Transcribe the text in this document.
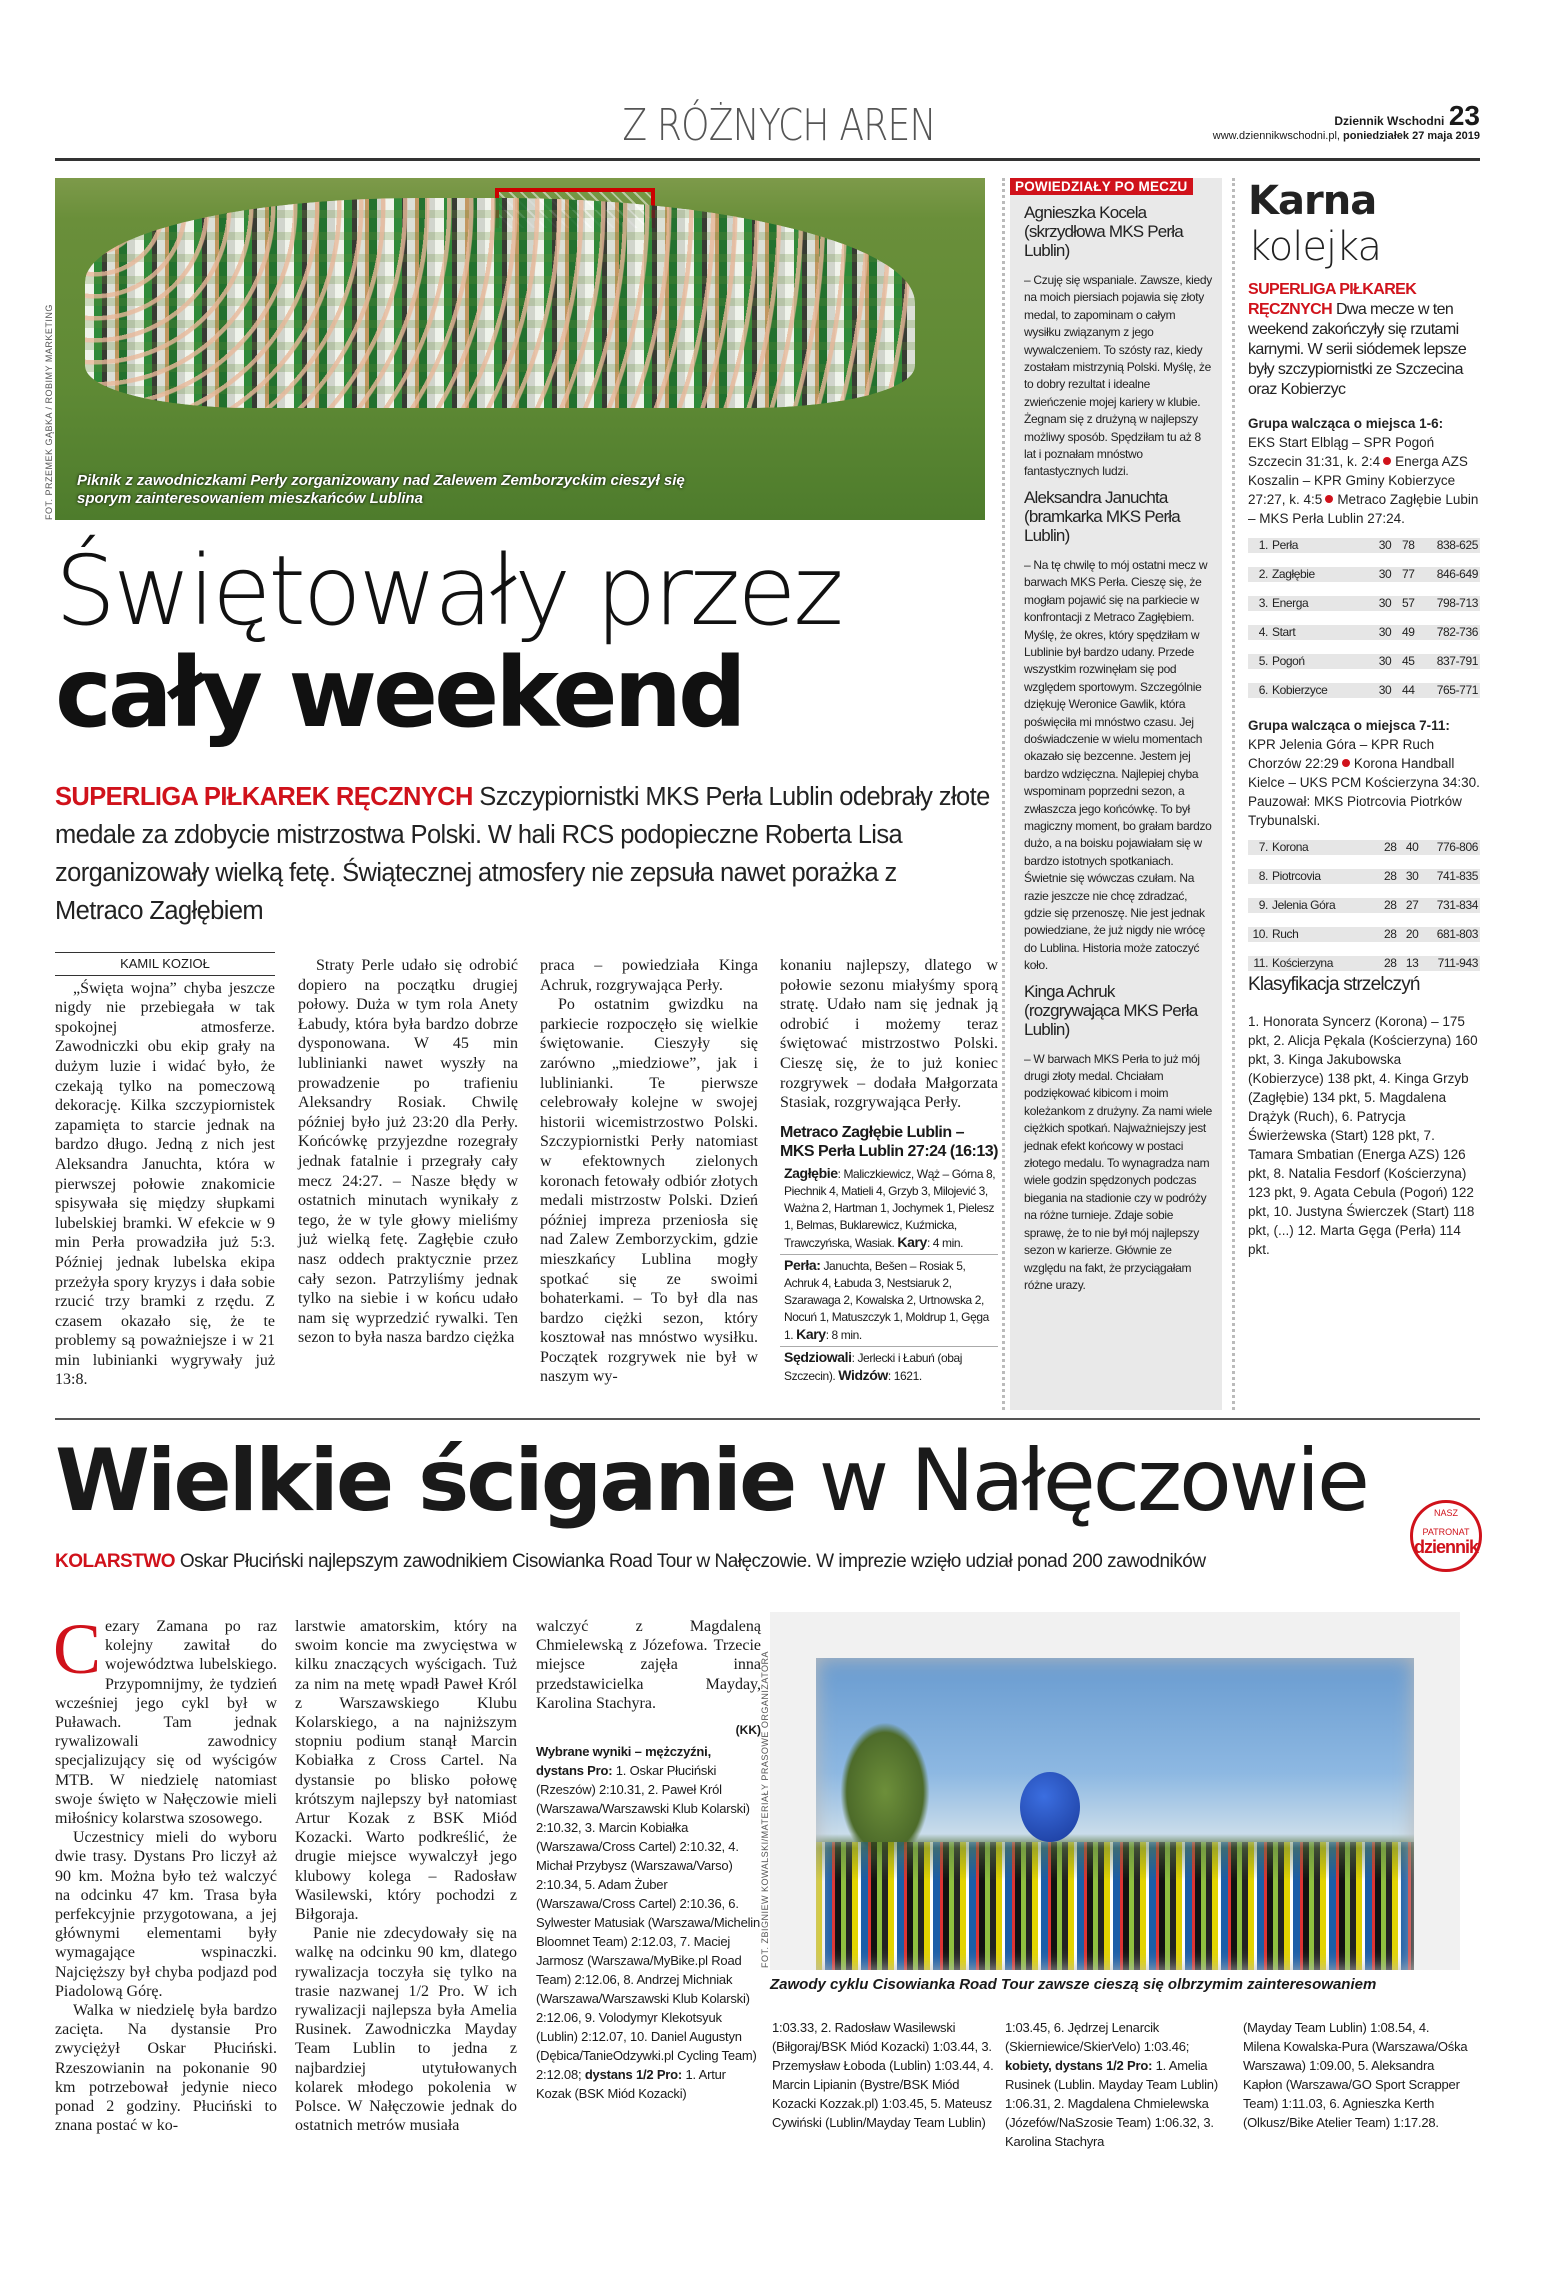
Z RÓŻNYCH AREN	Dziennik Wschodni 23
www.dziennikwschodni.pl, poniedziałek 27 maja 2019
Piknik z zawodniczkami Perły zorganizowany nad Zalewem Zemborzyckim cieszył się sporym zainteresowaniem mieszkańców Lublina
FOT. PRZEMEK GĄBKA / ROBIMY MARKETING
Świętowały przez
cały weekend
SUPERLIGA PIŁKAREK RĘCZNYCH Szczypiornistki MKS Perła Lublin odebrały złote medale za zdobycie mistrzostwa Polski. W hali RCS podopieczne Roberta Lisa zorganizowały wielką fetę. Świątecznej atmosfery nie zepsuła nawet porażka z Metraco Zagłębiem
KAMIL KOZIOŁ

„Święta wojna” chyba jeszcze nigdy nie przebiegała w tak spokojnej atmosferze. Zawodniczki obu ekip grały na dużym luzie i widać było, że czekają tylko na pomeczową dekorację. Kilka szczypiornistek zapamięta to starcie jednak na bardzo długo. Jedną z nich jest Aleksandra Januchta, która w pierwszej połowie znakomicie spisywała się między słupkami lubelskiej bramki. W efekcie w 9 min Perła prowadziła już 5:3. Później jednak lubelska ekipa przeżyła spory kryzys i dała sobie rzucić trzy bramki z rzędu. Z czasem okazało się, że te problemy są poważniejsze i w 21 min lubinianki wygrywały już 13:8.

Straty Perle udało się odrobić dopiero na początku drugiej połowy. Duża w tym rola Anety Łabudy, która była bardzo dobrze dysponowana. W 45 min lublinianki nawet wyszły na prowadzenie po trafieniu Aleksandry Rosiak. Chwilę później było już 23:20 dla Perły. Końcówkę przyjezdne rozegrały jednak fatalnie i przegrały cały mecz 24:27. – Nasze błędy w ostatnich minutach wynikały z tego, że w tyle głowy mieliśmy już wielką fetę. Zagłębie czuło nasz oddech praktycznie przez cały sezon. Patrzyliśmy jednak tylko na siebie i w końcu udało nam się wyprzedzić rywalki. Ten sezon to była nasza bardzo ciężka

praca – powiedziała Kinga Achruk, rozgrywająca Perły.

Po ostatnim gwizdku na parkiecie rozpoczęło się wielkie świętowanie. Cieszyły się zarówno „miedziowe”, jak i lublinianki. Te pierwsze celebrowały kolejne w swojej historii wicemistrzostwo Polski. Szczypiornistki Perły natomiast w efektownych zielonych koronach fetowały odbiór złotych medali mistrzostw Polski. Dzień później impreza przeniosła się nad Zalew Zemborzyckim, gdzie mieszkańcy Lublina mogły spotkać się ze swoimi bohaterkami. – To był dla nas bardzo ciężki sezon, który kosztował nas mnóstwo wysiłku. Początek rozgrywek nie był w naszym wy-

konaniu najlepszy, dlatego w połowie sezonu miałyśmy sporą stratę. Udało nam się jednak ją odrobić i możemy teraz świętować mistrzostwo Polski. Cieszę się, że to już koniec rozgrywek – dodała Małgorzata Stasiak, rozgrywająca Perły.

Metraco Zagłębie Lublin – MKS Perła Lublin 27:24 (16:13)
Zagłębie: Maliczkiewicz, Wąż – Górna 8, Piechnik 4, Matieli 4, Grzyb 3, Milojević 3, Ważna 2, Hartman 1, Jochymek 1, Pielesz 1, Belmas, Buklarewicz, Kuźmicka, Trawczyńska, Wasiak. Kary: 4 min.
Perła: Januchta, Bešen – Rosiak 5, Achruk 4, Łabuda 3, Nestsiaruk 2, Szarawaga 2, Kowalska 2, Urtnowska 2, Nocuń 1, Matuszczyk 1, Moldrup 1, Gęga 1. Kary: 8 min.
Sędziowali: Jerlecki i Łabuń (obaj Szczecin). Widzów: 1621.
POWIEDZIAŁY PO MECZU
Agnieszka Kocela
(skrzydłowa MKS Perła Lublin)

– Czuję się wspaniale. Zawsze, kiedy na moich piersiach pojawia się złoty medal, to zapominam o całym wysiłku związanym z jego wywalczeniem. To szósty raz, kiedy zostałam mistrzynią Polski. Myślę, że to dobry rezultat i idealne zwieńczenie mojej kariery w klubie. Żegnam się z drużyną w najlepszy możliwy sposób. Spędziłam tu aż 8 lat i poznałam mnóstwo fantastycznych ludzi.

Aleksandra Januchta
(bramkarka MKS Perła Lublin)

– Na tę chwilę to mój ostatni mecz w barwach MKS Perła. Cieszę się, że mogłam pojawić się na parkiecie w konfrontacji z Metraco Zagłębiem. Myślę, że okres, który spędziłam w Lublinie był bardzo udany. Przede wszystkim rozwinęłam się pod względem sportowym. Szczególnie dziękuję Weronice Gawlik, która poświęciła mi mnóstwo czasu. Jej doświadczenie w wielu momentach okazało się bezcenne. Jestem jej bardzo wdzięczna. Najlepiej chyba wspominam poprzedni sezon, a zwłaszcza jego końcówkę. To był magiczny moment, bo grałam bardzo dużo, a na boisku pojawiałam się w bardzo istotnych spotkaniach. Świetnie się wówczas czułam. Na razie jeszcze nie chcę zdradzać, gdzie się przenoszę. Nie jest jednak powiedziane, że już nigdy nie wrócę do Lublina. Historia może zatoczyć koło.

Kinga Achruk
(rozgrywająca MKS Perła Lublin)

– W barwach MKS Perła to już mój drugi złoty medal. Chciałam podziękować kibicom i moim koleżankom z drużyny. Za nami wiele ciężkich spotkań. Najważniejszy jest jednak efekt końcowy w postaci złotego medalu. To wynagradza nam wiele godzin spędzonych podczas biegania na stadionie czy w podróży na różne turnieje. Zdaje sobie sprawę, że to nie był mój najlepszy sezon w karierze. Głównie ze względu na fakt, że przyciągałam różne urazy.

Karna
kolejka
SUPERLIGA PIŁKAREK RĘCZNYCH Dwa mecze w ten weekend zakończyły się rzutami karnymi. W serii siódemek lepsze były szczypiornistki ze Szczecina oraz Kobierzyc
Grupa walcząca o miejsca 1-6:
EKS Start Elbląg – SPR Pogoń Szczecin 31:31, k. 2:4 Energa AZS Koszalin – KPR Gminy Kobierzyce 27:27, k. 4:5 Metraco Zagłębie Lubin – MKS Perła Lublin 27:24.
1.	Perła	30	78	838-625
2.	Zagłębie	30	77	846-649
3.	Energa	30	57	798-713
4.	Start	30	49	782-736
5.	Pogoń	30	45	837-791
6.	Kobierzyce	30	44	765-771
Grupa walcząca o miejsca 7-11:
KPR Jelenia Góra – KPR Ruch Chorzów 22:29 Korona Handball Kielce – UKS PCM Kościerzyna 34:30. Pauzował: MKS Piotrcovia Piotrków Trybunalski.
7.	Korona	28	40	776-806
8.	Piotrcovia	28	30	741-835
9.	Jelenia Góra	28	27	731-834
10.	Ruch	28	20	681-803
11.	Kościerzyna	28	13	711-943
Klasyfikacja strzelczyń
1. Honorata Syncerz (Korona) – 175 pkt, 2. Alicja Pękala (Kościerzyna) 160 pkt, 3. Kinga Jakubowska (Kobierzyce) 138 pkt, 4. Kinga Grzyb (Zagłębie) 134 pkt, 5. Magdalena Drążyk (Ruch), 6. Patrycja Świerżewska (Start) 128 pkt, 7. Tamara Smbatian (Energa AZS) 126 pkt, 8. Natalia Fesdorf (Kościerzyna) 123 pkt, 9. Agata Cebula (Pogoń) 122 pkt, 10. Justyna Świerczek (Start) 118 pkt, (...) 12. Marta Gęga (Perła) 114 pkt.
Wielkie ściganie w Nałęczowie	NASZ
PATRONAT
dziennik
KOLARSTWO Oskar Płuciński najlepszym zawodnikiem Cisowianka Road Tour w Nałęczowie. W imprezie wzięło udział ponad 200 zawodników

Cezary Zamana po raz kolejny zawitał do województwa lubelskiego. Przypomnijmy, że tydzień wcześniej jego cykl był w Puławach. Tam jednak rywalizowali zawodnicy specjalizujący się od wyścigów MTB. W niedzielę natomiast swoje święto w Nałęczowie mieli miłośnicy kolarstwa szosowego.

Uczestnicy mieli do wyboru dwie trasy. Dystans Pro liczył aż 90 km. Można było też walczyć na odcinku 47 km. Trasa była perfekcyjnie przygotowana, a jej głównymi elementami były wymagające wspinaczki. Najcięższy był chyba podjazd pod Piadolową Górę.

Walka w niedzielę była bardzo zacięta. Na dystansie Pro zwyciężył Oskar Płuciński. Rzeszowianin na pokonanie 90 km potrzebował jedynie nieco ponad 2 godziny. Płuciński to znana postać w ko-

larstwie amatorskim, który na swoim koncie ma zwycięstwa w kilku znaczących wyścigach. Tuż za nim na metę wpadł Paweł Król z Warszawskiego Klubu Kolarskiego, a na najniższym stopniu podium stanął Marcin Kobiałka z Cross Cartel. Na dystansie po blisko połowę krótszym najlepszy był natomiast Artur Kozak z BSK Miód Kozacki. Warto podkreślić, że drugie miejsce wywalczył jego klubowy kolega – Radosław Wasilewski, który pochodzi z Biłgoraja.

Panie nie zdecydowały się na walkę na odcinku 90 km, dlatego rywalizacja toczyła się tylko na trasie nazwanej 1/2 Pro. W ich rywalizacji najlepsza była Amelia Rusinek. Zawodniczka Mayday Team Lublin to jedna z najbardziej utytułowanych kolarek młodego pokolenia w Polsce. W Nałęczowie jednak do ostatnich metrów musiała

walczyć z Magdaleną Chmielewską z Józefowa. Trzecie miejsce zajęła inna przedstawicielka Mayday, Karolina Stachyra.

(KK)
Wybrane wyniki – mężczyźni, dystans Pro: 1. Oskar Płuciński (Rzeszów) 2:10.31, 2. Paweł Król (Warszawa/Warszawski Klub Kolarski) 2:10.32, 3. Marcin Kobiałka (Warszawa/Cross Cartel) 2:10.32, 4. Michał Przybysz (Warszawa/Varso) 2:10.34, 5. Adam Żuber (Warszawa/Cross Cartel) 2:10.36, 6. Sylwester Matusiak (Warszawa/Michelin Bloomnet Team) 2:12.03, 7. Maciej Jarmosz (Warszawa/MyBike.pl Road Team) 2:12.06, 8. Andrzej Michniak (Warszawa/Warszawski Klub Kolarski) 2:12.06, 9. Volodymyr Klekotsyuk (Lublin) 2:12.07, 10. Daniel Augustyn (Dębica/TanieOdzywki.pl Cycling Team) 2:12.08; dystans 1/2 Pro: 1. Artur Kozak (BSK Miód Kozacki)
FOT. ZBIGNIEW KOWALSKI/MATERIAŁY PRASOWE ORGANIZATORA
Zawody cyklu Cisowianka Road Tour zawsze cieszą się olbrzymim zainteresowaniem
1:03.33, 2. Radosław Wasilewski (Biłgoraj/BSK Miód Kozacki) 1:03.44, 3. Przemysław Łoboda (Lublin) 1:03.44, 4. Marcin Lipianin (Bystre/BSK Miód Kozacki Kozzak.pl) 1:03.45, 5. Mateusz Cywiński (Lublin/Mayday Team Lublin)
1:03.45, 6. Jędrzej Lenarcik (Skierniewice/SkierVelo) 1:03.46; kobiety, dystans 1/2 Pro: 1. Amelia Rusinek (Lublin. Mayday Team Lublin) 1:06.31, 2. Magdalena Chmielewska (Józefów/NaSzosie Team) 1:06.32, 3. Karolina Stachyra
(Mayday Team Lublin) 1:08.54, 4. Milena Kowalska-Pura (Warszawa/Ośka Warszawa) 1:09.00, 5. Aleksandra Kapłon (Warszawa/GO Sport Scrapper Team) 1:11.03, 6. Agnieszka Kerth (Olkusz/Bike Atelier Team) 1:17.28.
